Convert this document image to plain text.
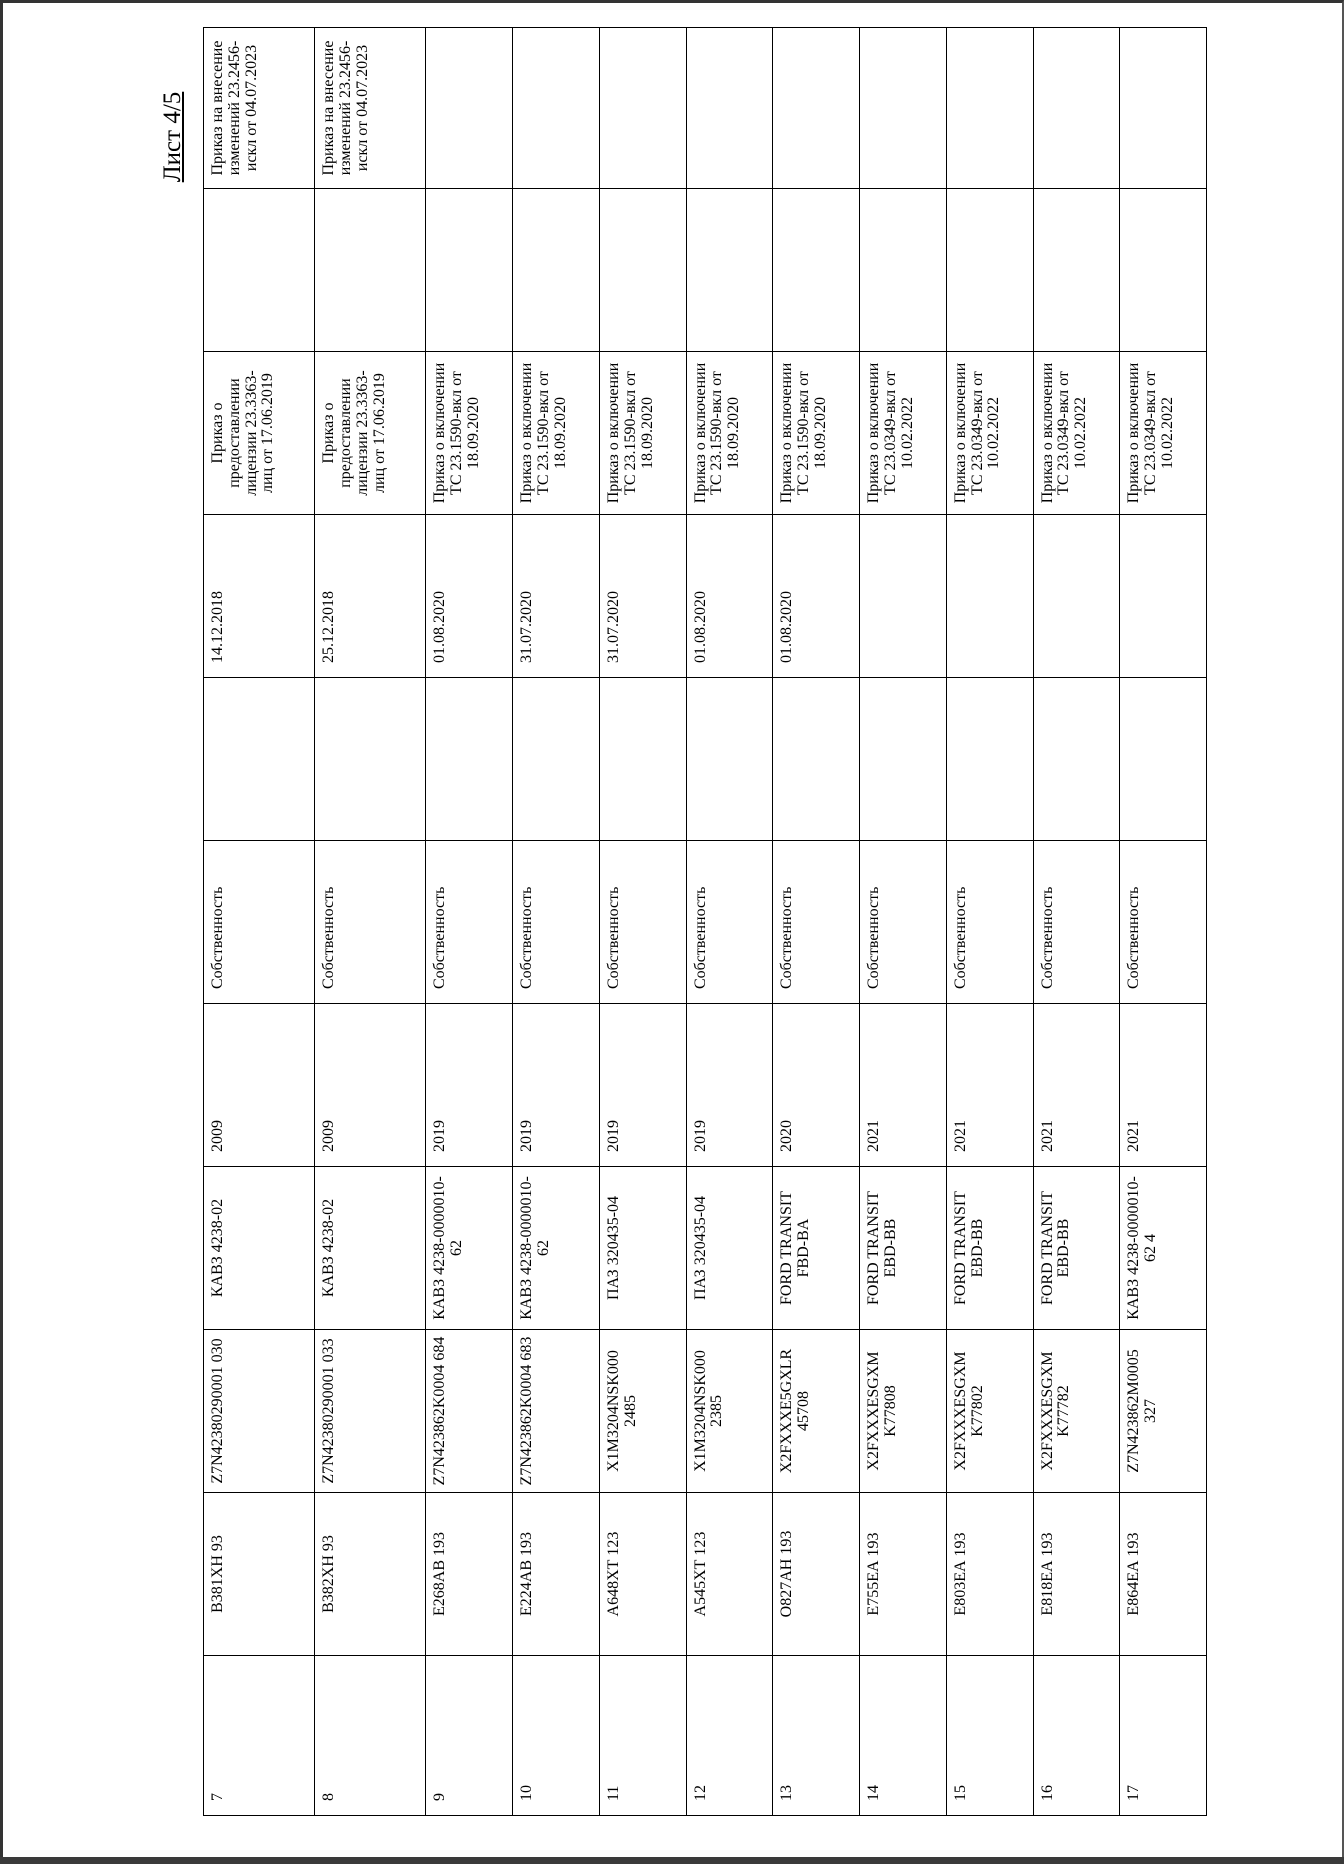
Лист 4/5
7	В381ХН 93	Z7N42380290001 030	КАВЗ 4238-02	2009	Собственность		14.12.2018	Приказ о предоставлении лицензии 23.3363-лиц от 17.06.2019		Приказ на внесение изменений 23.2456-искл от 04.07.2023
8	В382ХН 93	Z7N42380290001 033	КАВЗ 4238-02	2009	Собственность		25.12.2018	Приказ о предоставлении лицензии 23.3363-лиц от 17.06.2019		Приказ на внесение изменений 23.2456-искл от 04.07.2023
9	Е268АВ 193	Z7N423862K0004 684	КАВЗ 4238-0000010-62	2019	Собственность		01.08.2020	Приказ о включении ТС 23.1590-вкл от 18.09.2020		
10	Е224АВ 193	Z7N423862K0004 683	КАВЗ 4238-0000010-62	2019	Собственность		31.07.2020	Приказ о включении ТС 23.1590-вкл от 18.09.2020		
11	А648ХТ 123	X1M3204NSK000 2485	ПАЗ 320435-04	2019	Собственность		31.07.2020	Приказ о включении ТС 23.1590-вкл от 18.09.2020		
12	А545ХТ 123	X1M3204NSK000 2385	ПАЗ 320435-04	2019	Собственность		01.08.2020	Приказ о включении ТС 23.1590-вкл от 18.09.2020		
13	О827АН 193	X2FXXXE5GXLR 45708	FORD TRANSIT FBD-BA	2020	Собственность		01.08.2020	Приказ о включении ТС 23.1590-вкл от 18.09.2020		
14	Е755ЕА 193	X2FXXXESGXM K77808	FORD TRANSIT EBD-BB	2021	Собственность			Приказ о включении ТС 23.0349-вкл от 10.02.2022		
15	Е803ЕА 193	X2FXXXESGXM K77802	FORD TRANSIT EBD-BB	2021	Собственность			Приказ о включении ТС 23.0349-вкл от 10.02.2022		
16	Е818ЕА 193	X2FXXXESGXM K77782	FORD TRANSIT EBD-BB	2021	Собственность			Приказ о включении ТС 23.0349-вкл от 10.02.2022		
17	Е864ЕА 193	Z7N423862M0005 327	КАВЗ 4238-0000010-62 4	2021	Собственность			Приказ о включении ТС 23.0349-вкл от 10.02.2022		
